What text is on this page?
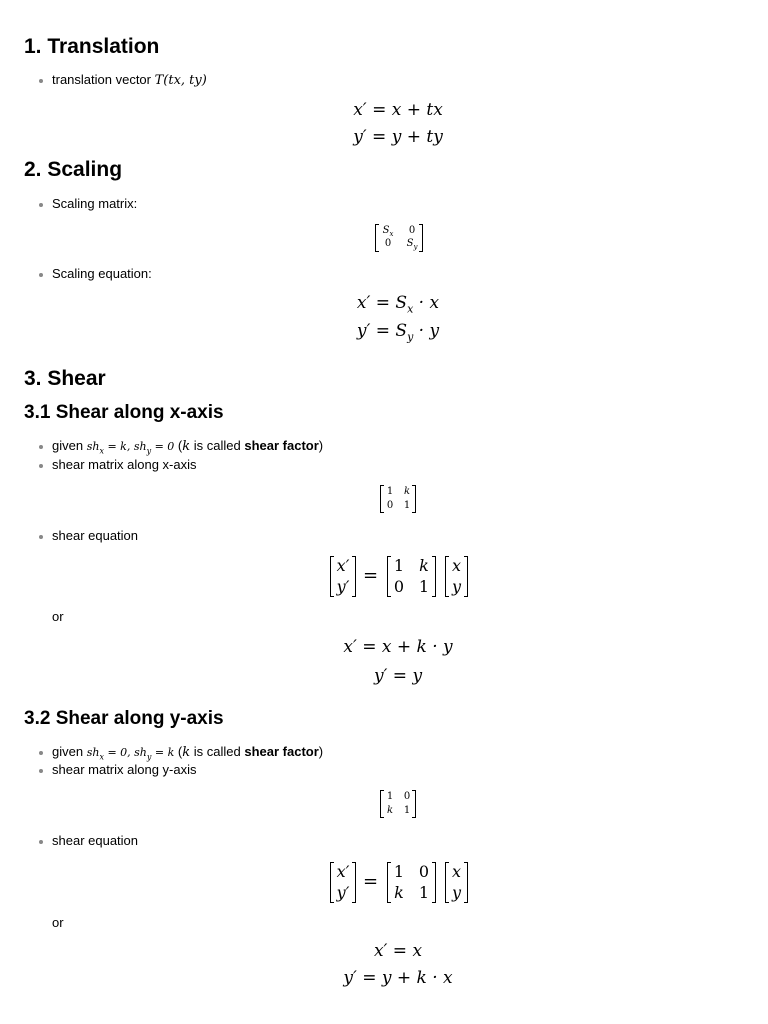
1. Translation
translation vector T(tx, ty)
x′ = x + tx
y′ = y + ty
2. Scaling
Scaling matrix:
$S_x$	0
0	$S_y$
Scaling equation:
$x' = S_x \cdot x$
$y' = S_y \cdot y$
3. Shear
3.1 Shear along x-axis
given $sh_x = k$, $sh_y = 0$ (k is called shear factor)
shear matrix along x-axis
1 k
0 1
shear equation
x′
y′
= 1 k
0 1
x
y
or
x′ = x + k · y
y′ = y
3.2 Shear along y-axis
given $sh_x = 0$, $sh_y = k$ (k is called shear factor)
shear matrix along y-axis
1 0
k 1
shear equation
x′
y′
= 1 0
k 1
x
y
or
x′ = x
y′ = y + k · x
